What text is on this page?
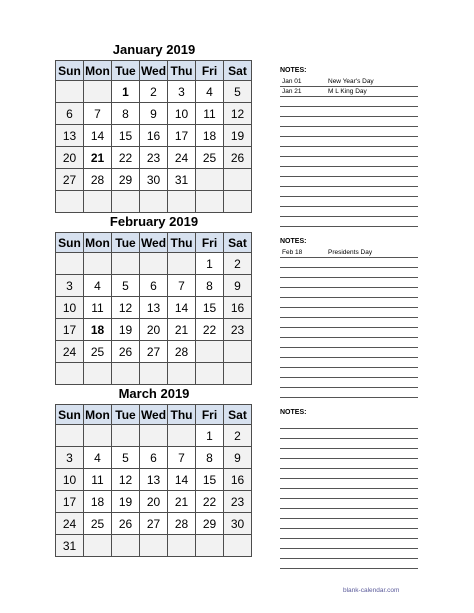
January 2019
Sun	Mon	Tue	Wed	Thu	Fri	Sat
		1	2	3	4	5
6	7	8	9	10	11	12
13	14	15	16	17	18	19
20	21	22	23	24	25	26
27	28	29	30	31		

February 2019
Sun	Mon	Tue	Wed	Thu	Fri	Sat
					1	2
3	4	5	6	7	8	9
10	11	12	13	14	15	16
17	18	19	20	21	22	23
24	25	26	27	28		

March 2019
Sun	Mon	Tue	Wed	Thu	Fri	Sat
					1	2
3	4	5	6	7	8	9
10	11	12	13	14	15	16
17	18	19	20	21	22	23
24	25	26	27	28	29	30
31						
NOTES:
Jan 01	New Year's Day
Jan 21	M L King Day
NOTES:
Feb 18	Presidents Day
NOTES:
blank-calendar.com
